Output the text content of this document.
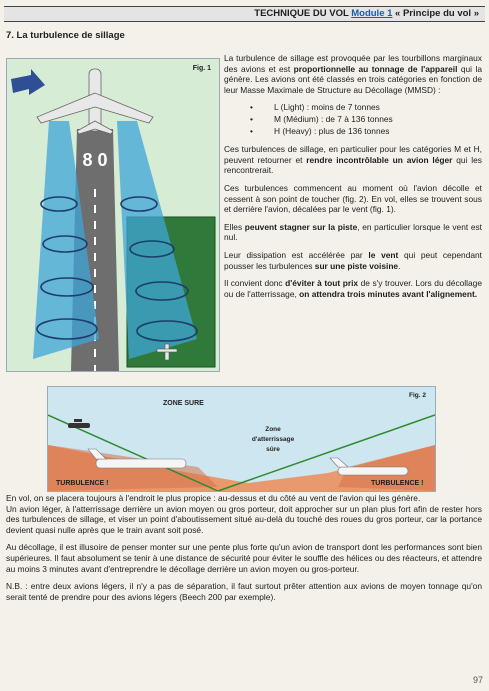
TECHNIQUE DU VOL Module 1 « Principe du vol »
7. La turbulence de sillage
8 0
Fig. 1

La turbulence de sillage est provoquée par les tourbillons marginaux des avions et est proportionnelle au tonnage de l'appareil qui la génère. Les avions ont été classés en trois catégories en fonction de leur Masse Maximale de Structure au Décollage (MMSD) :

• L (Light) : moins de 7 tonnes
• M (Médium) : de 7 à 136 tonnes
• H (Heavy) : plus de 136 tonnes

Ces turbulences de sillage, en particulier pour les catégories M et H, peuvent retourner et rendre incontrôlable un avion léger qui les rencontrerait.

Ces turbulences commencent au moment où l'avion décolle et cessent à son point de toucher (fig. 2). En vol, elles se trouvent sous et derrière l'avion, décalées par le vent (fig. 1).

Elles peuvent stagner sur la piste, en particulier lorsque le vent est nul.

Leur dissipation est accélérée par le vent qui peut cependant pousser les turbulences sur une piste voisine.

Il convient donc d'éviter à tout prix de s'y trouver. Lors du décollage ou de l'atterrissage, on attendra trois minutes avant l'alignement.

ZONE SURE
Zone
d'atterrissage
sûre
TURBULENCE !	TURBULENCE !
Fig. 2

En vol, on se placera toujours à l'endroit le plus propice : au-dessus et du côté au vent de l'avion qui les génère.

Un avion léger, à l'atterrissage derrière un avion moyen ou gros porteur, doit approcher sur un plan plus fort afin de rester hors des turbulences de sillage, et viser un point d'aboutissement situé au-delà du touché des roues du gros porteur, car la portance devient quasi nulle après que le train avant soit posé.

Au décollage, il est illusoire de penser monter sur une pente plus forte qu'un avion de transport dont les performances sont bien supérieures. Il faut absolument se tenir à une distance de sécurité pour éviter le souffle des hélices ou des réacteurs, et attendre au moins 3 minutes avant d'entreprendre le décollage derrière un avion moyen ou gros-porteur.

N.B. : entre deux avions légers, il n'y a pas de séparation, il faut surtout prêter attention aux avions de moyen tonnage qu'on serait tenté de prendre pour des avions légers (Beech 200 par exemple).

97
